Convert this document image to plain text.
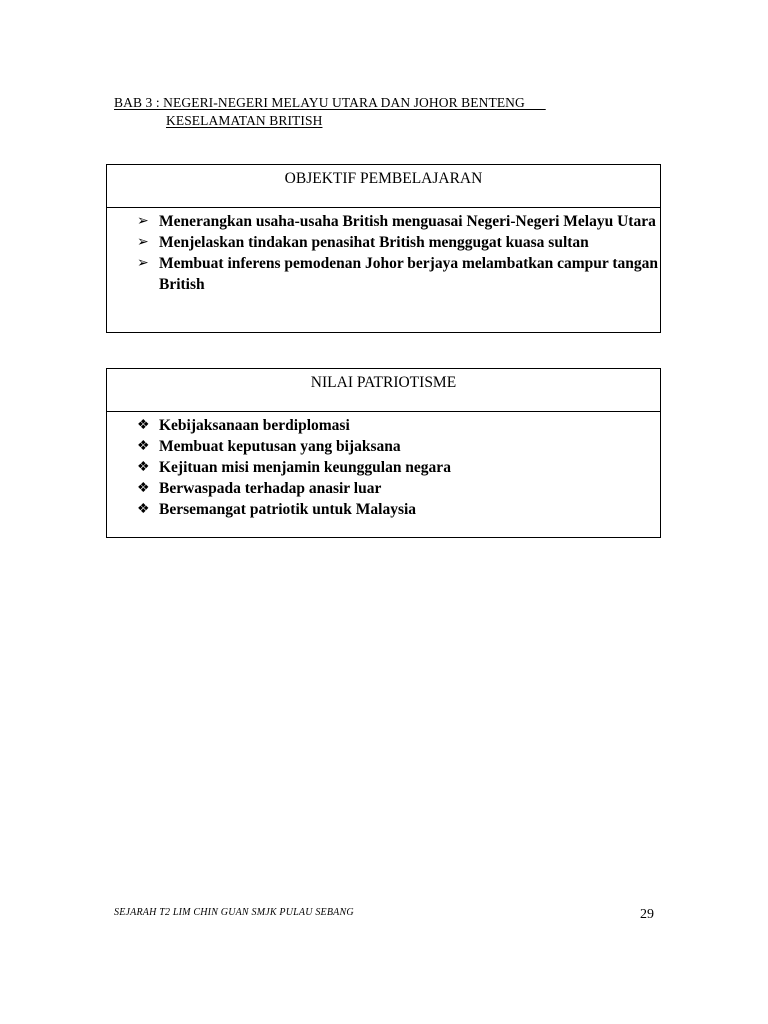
BAB 3 : NEGERI-NEGERI MELAYU UTARA DAN JOHOR BENTENG
KESELAMATAN BRITISH
OBJEKTIF PEMBELAJARAN
➢ Menerangkan usaha-usaha British menguasai Negeri-Negeri Melayu Utara
➢ Menjelaskan tindakan penasihat British menggugat kuasa sultan
➢ Membuat inferens pemodenan Johor berjaya melambatkan campur tangan British
NILAI PATRIOTISME
❖ Kebijaksanaan berdiplomasi
❖ Membuat keputusan yang bijaksana
❖ Kejituan misi menjamin keunggulan negara
❖ Berwaspada terhadap anasir luar
❖ Bersemangat patriotik untuk Malaysia
SEJARAH T2 LIM CHIN GUAN SMJK PULAU SEBANG	29
